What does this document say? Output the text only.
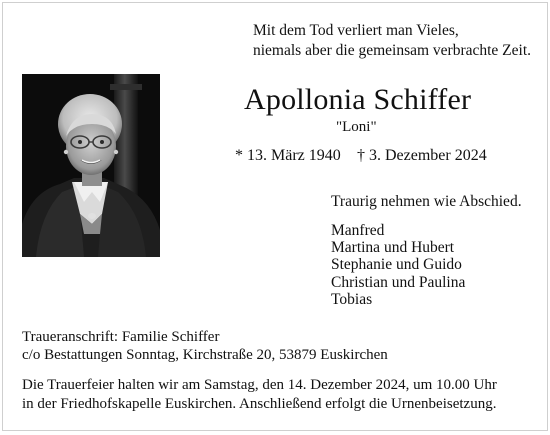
Mit dem Tod verliert man Vieles,
niemals aber die gemeinsam verbrachte Zeit.
Apollonia Schiffer
"Loni"
* 13. März 1940 † 3. Dezember 2024
Traurig nehmen wie Abschied.
Manfred
Martina und Hubert
Stephanie und Guido
Christian und Paulina
Tobias
Traueranschrift: Familie Schiffer
c/o Bestattungen Sonntag, Kirchstraße 20, 53879 Euskirchen
Die Trauerfeier halten wir am Samstag, den 14. Dezember 2024, um 10.00 Uhr
in der Friedhofskapelle Euskirchen. Anschließend erfolgt die Urnenbeisetzung.
